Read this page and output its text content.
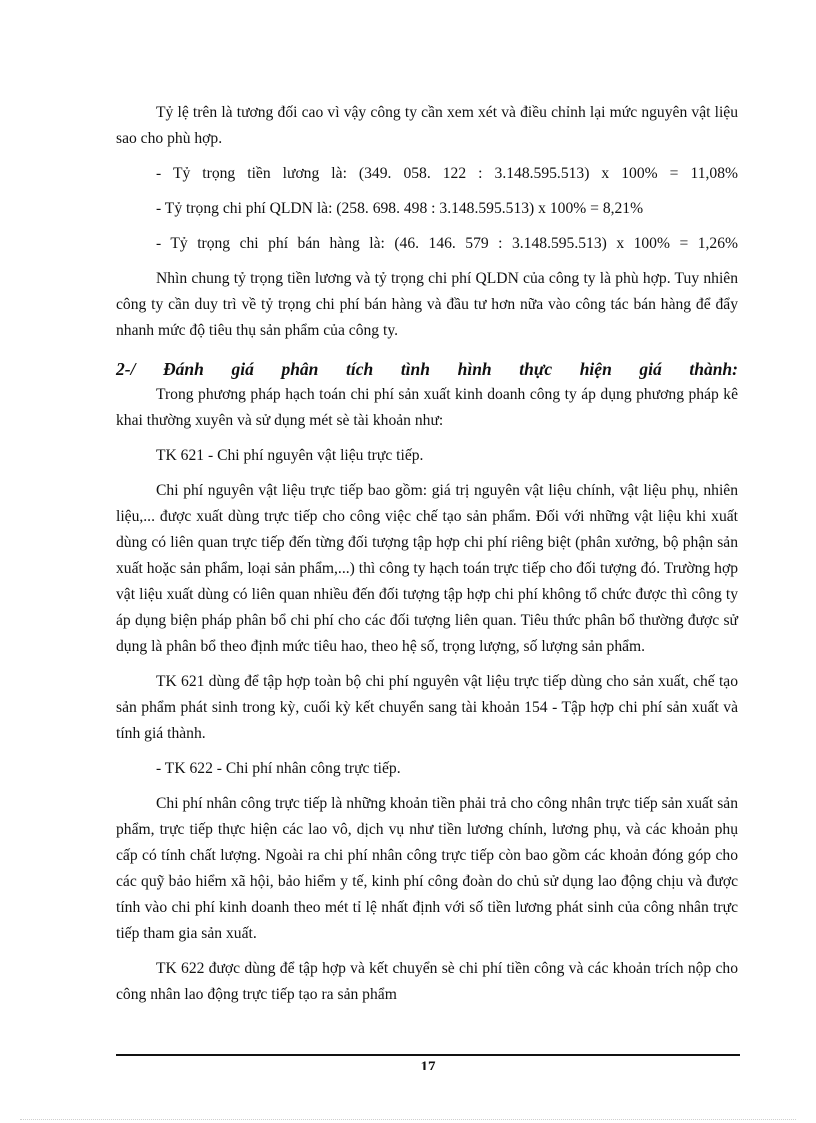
Tỷ lệ trên là tương đối cao vì vậy công ty cần xem xét và điều chỉnh lại mức nguyên vật liệu sao cho phù hợp.

- Tỷ trọng tiền lương là: (349. 058. 122 : 3.148.595.513) x 100% = 11,08%

- Tỷ trọng chi phí QLDN là: (258. 698. 498 : 3.148.595.513) x 100% = 8,21%

- Tỷ trọng chi phí bán hàng là: (46. 146. 579 : 3.148.595.513) x 100% = 1,26%

Nhìn chung tỷ trọng tiền lương và tỷ trọng chi phí QLDN của công ty là phù hợp. Tuy nhiên công ty cần duy trì về tỷ trọng chi phí bán hàng và đầu tư hơn nữa vào công tác bán hàng để đẩy nhanh mức độ tiêu thụ sản phẩm của công ty.

2-/ Đánh giá phân tích tình hình thực hiện giá thành:

Trong phương pháp hạch toán chi phí sản xuất kinh doanh công ty áp dụng phương pháp kê khai thường xuyên và sử dụng mét sè tài khoản như:

TK 621 - Chi phí nguyên vật liệu trực tiếp.

Chi phí nguyên vật liệu trực tiếp bao gồm: giá trị nguyên vật liệu chính, vật liệu phụ, nhiên liệu,... được xuất dùng trực tiếp cho công việc chế tạo sản phẩm. Đối với những vật liệu khi xuất dùng có liên quan trực tiếp đến từng đối tượng tập hợp chi phí riêng biệt (phân xưởng, bộ phận sản xuất hoặc sản phẩm, loại sản phẩm,...) thì công ty hạch toán trực tiếp cho đối tượng đó. Trường hợp vật liệu xuất dùng có liên quan nhiều đến đối tượng tập hợp chi phí không tổ chức được thì công ty áp dụng biện pháp phân bổ chi phí cho các đối tượng liên quan. Tiêu thức phân bổ thường được sử dụng là phân bổ theo định mức tiêu hao, theo hệ số, trọng lượng, số lượng sản phẩm.

TK 621 dùng để tập hợp toàn bộ chi phí nguyên vật liệu trực tiếp dùng cho sản xuất, chế tạo sản phẩm phát sinh trong kỳ, cuối kỳ kết chuyển sang tài khoản 154 - Tập hợp chi phí sản xuất và tính giá thành.

- TK 622 - Chi phí nhân công trực tiếp.

Chi phí nhân công trực tiếp là những khoản tiền phải trả cho công nhân trực tiếp sản xuất sản phẩm, trực tiếp thực hiện các lao vô, dịch vụ như tiền lương chính, lương phụ, và các khoản phụ cấp có tính chất lượng. Ngoài ra chi phí nhân công trực tiếp còn bao gồm các khoản đóng góp cho các quỹ bảo hiểm xã hội, bảo hiểm y tế, kinh phí công đoàn do chủ sử dụng lao động chịu và được tính vào chi phí kinh doanh theo mét tỉ lệ nhất định với số tiền lương phát sinh của công nhân trực tiếp tham gia sản xuất.

TK 622 được dùng để tập hợp và kết chuyển sè chi phí tiền công và các khoản trích nộp cho công nhân lao động trực tiếp tạo ra sản phẩm

17
